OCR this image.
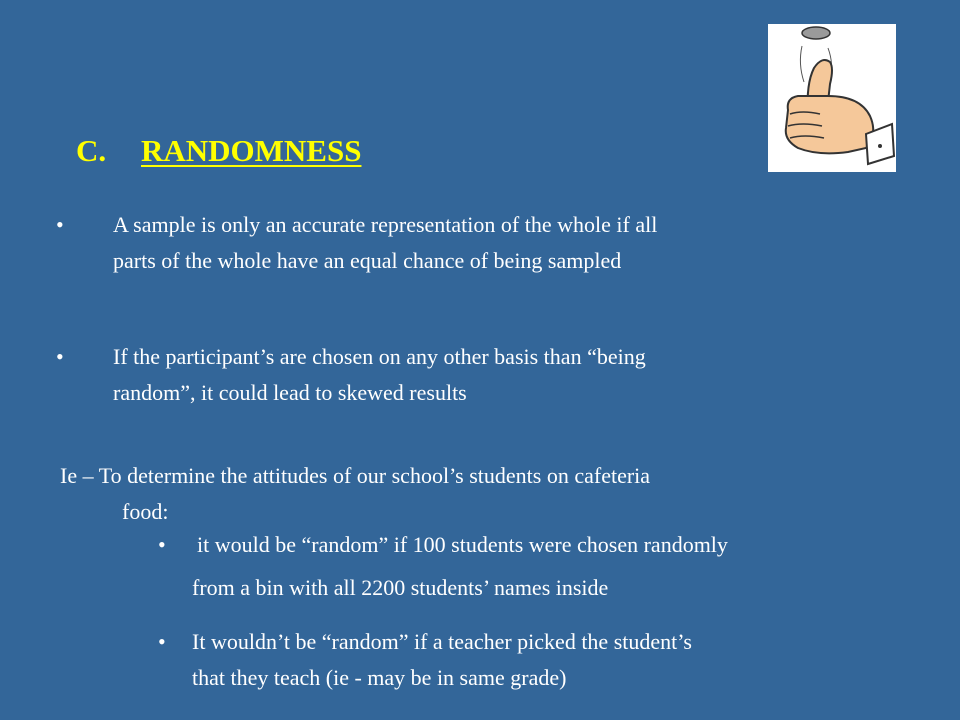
C. RANDOMNESS
• A sample is only an accurate representation of the whole if all
parts of the whole have an equal chance of being sampled
• If the participant’s are chosen on any other basis than “being
random”, it could lead to skewed results
Ie – To determine the attitudes of our school’s students on cafeteria
food:
• it would be “random” if 100 students were chosen randomly
from a bin with all 2200 students’ names inside
• It wouldn’t be “random” if a teacher picked the student’s
that they teach (ie - may be in same grade)
